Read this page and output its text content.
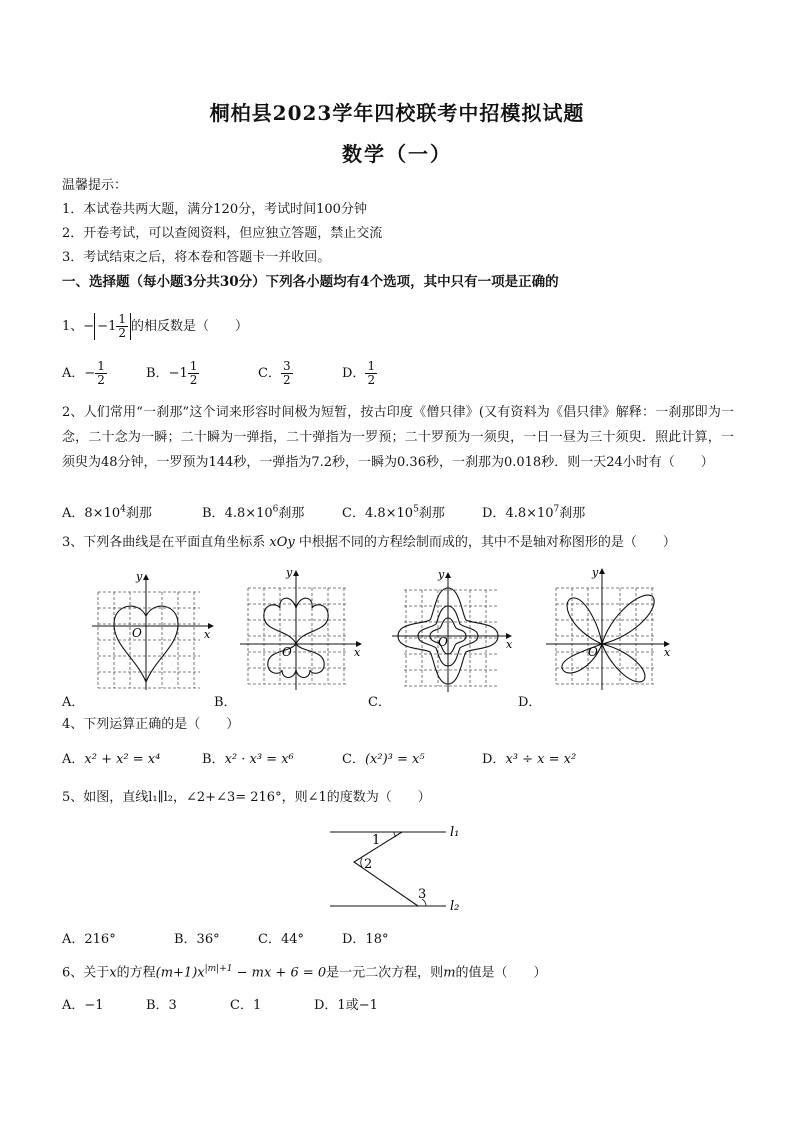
桐柏县2023学年四校联考中招模拟试题
数学（一）
温馨提示：
1．本试卷共两大题，满分120分，考试时间100分钟
2．开卷考试，可以查阅资料，但应独立答题，禁止交流
3．考试结束之后，将本卷和答题卡一并收回。
一、选择题（每小题3分共30分）下列各小题均有4个选项，其中只有一项是正确的
1、− $-1 \frac{1}{2}$ 的相反数是（　　）
A．− $\frac{1}{2}$	B．$-1 \frac{1}{2}$	C． $\frac{3}{2}$	D． $\frac{1}{2}$
2、人们常用“一刹那”这个词来形容时间极为短暂，按古印度《僧只律》(又有资料为《倡只律》解释：一刹那即为一念，二十念为一瞬；二十瞬为一弹指，二十弹指为一罗预；二十罗预为一须臾，一日一昼为三十须臾．照此计算，一须臾为48分钟，一罗预为144秒，一弹指为7.2秒，一瞬为0.36秒，一刹那为0.018秒．则一天24小时有（　　）
A．$8\times 10^4$刹那	B．$4.8\times 10^6$刹那	C．$4.8\times 10^5$刹那	D．$4.8\times 10^7$刹那
3、下列各曲线是在平面直角坐标系 xOy 中根据不同的方程绘制而成的，其中不是轴对称图形的是（　　）
O	x
y
A．
O	x
y
B．
O	x
y
C．
O	x
y
D．
4、下列运算正确的是（　　）
A．x² + x² = x⁴	B．x² · x³ = x⁶	C．(x²)³ = x⁵	D．x³ ÷ x = x²
5、如图，直线l₁∥l₂，∠2+∠3= 216°，则∠1的度数为（　　）
1
2
3
l₁
l₂
A．216°	B．36°	C．44°	D．18°
6、关于x的方程$(m+1)x^{|m|+1}$ − mx + 6 = 0是一元二次方程，则m的值是（　　）
A．−1	B．3	C．1	D．1或−1
